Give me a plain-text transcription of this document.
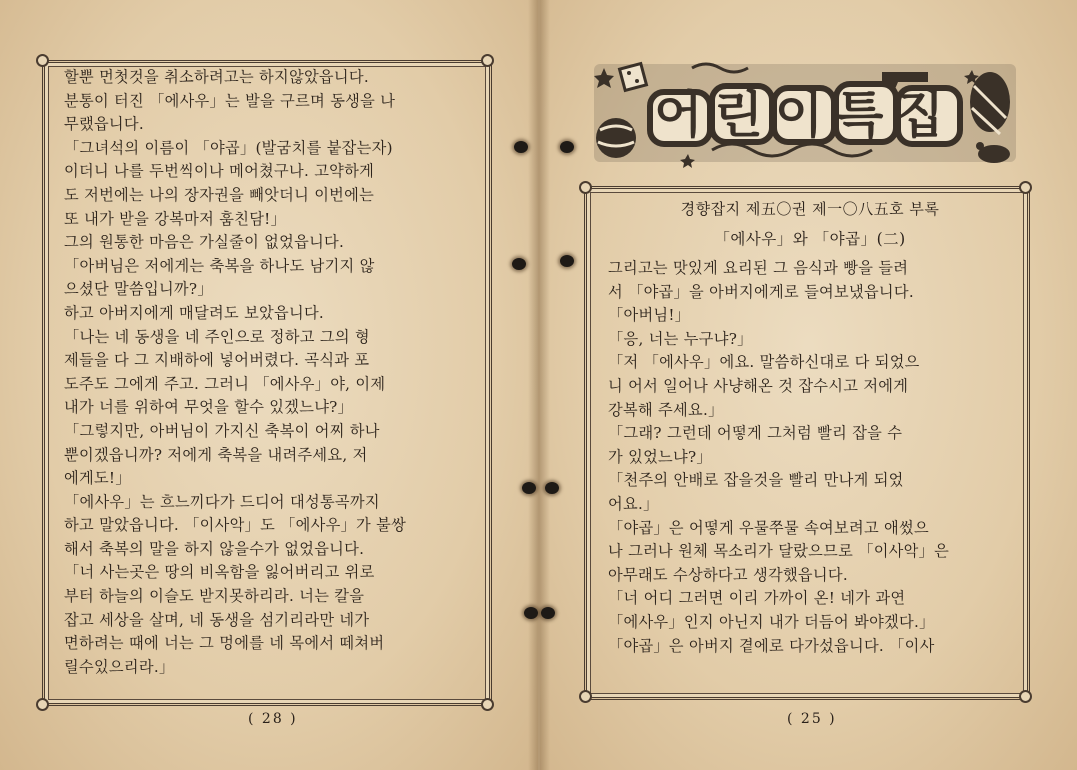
할뿐 먼첫것을 취소하려고는 하지않았읍니다.

분통이 터진 「에사우」는 발을 구르며 동생을 나

무랬읍니다.

「그녀석의 이름이 「야곱」(발굼치를 붙잡는자)

이더니 나를 두번씩이나 메어쳤구나. 고약하게

도 저번에는 나의 장자권을 빼앗더니 이번에는

또 내가 받을 강복마저 훔친담!」

그의 원통한 마음은 가실줄이 없었읍니다.

「아버님은 저에게는 축복을 하나도 남기지 않

으셨단 말씀입니까?」

하고 아버지에게 매달려도 보았읍니다.

「나는 네 동생을 네 주인으로 정하고 그의 형

제들을 다 그 지배하에 넣어버렸다. 곡식과 포

도주도 그에게 주고. 그러니 「에사우」야, 이제

내가 너를 위하여 무엇을 할수 있겠느냐?」

「그렇지만, 아버님이 가지신 축복이 어찌 하나

뿐이겠읍니까? 저에게 축복을 내려주세요, 저

에게도!」

「에사우」는 흐느끼다가 드디어 대성통곡까지

하고 말았읍니다. 「이사악」도 「에사우」가 불쌍

해서 축복의 말을 하지 않을수가 없었읍니다.

「너 사는곳은 땅의 비옥함을 잃어버리고 위로

부터 하늘의 이슬도 받지못하리라. 너는 칼을

잡고 세상을 살며, 네 동생을 섬기리라만 네가

면하려는 때에 너는 그 멍에를 네 목에서 떼쳐버

릴수있으리라.」

( 28 )
어린이특집
경향잡지 제五〇권 제一〇八五호 부록
「에사우」와 「야곱」(二)

그리고는 맛있게 요리된 그 음식과 빵을 들려

서 「야곱」을 아버지에게로 들여보냈읍니다.

「아버님!」

「응, 너는 누구냐?」

「저 「에사우」에요. 말씀하신대로 다 되었으

니 어서 일어나 사냥해온 것 잡수시고 저에게

강복해 주세요.」

「그래? 그런데 어떻게 그처럼 빨리 잡을 수

가 있었느냐?」

「천주의 안배로 잡을것을 빨리 만나게 되었

어요.」

「야곱」은 어떻게 우물쭈물 속여보려고 애썼으

나 그러나 원체 목소리가 달랐으므로 「이사악」은

아무래도 수상하다고 생각했읍니다.

「너 어디 그러면 이리 가까이 온! 네가 과연

「에사우」인지 아닌지 내가 더듬어 봐야겠다.」

「야곱」은 아버지 곁에로 다가섰읍니다. 「이사

( 25 )
